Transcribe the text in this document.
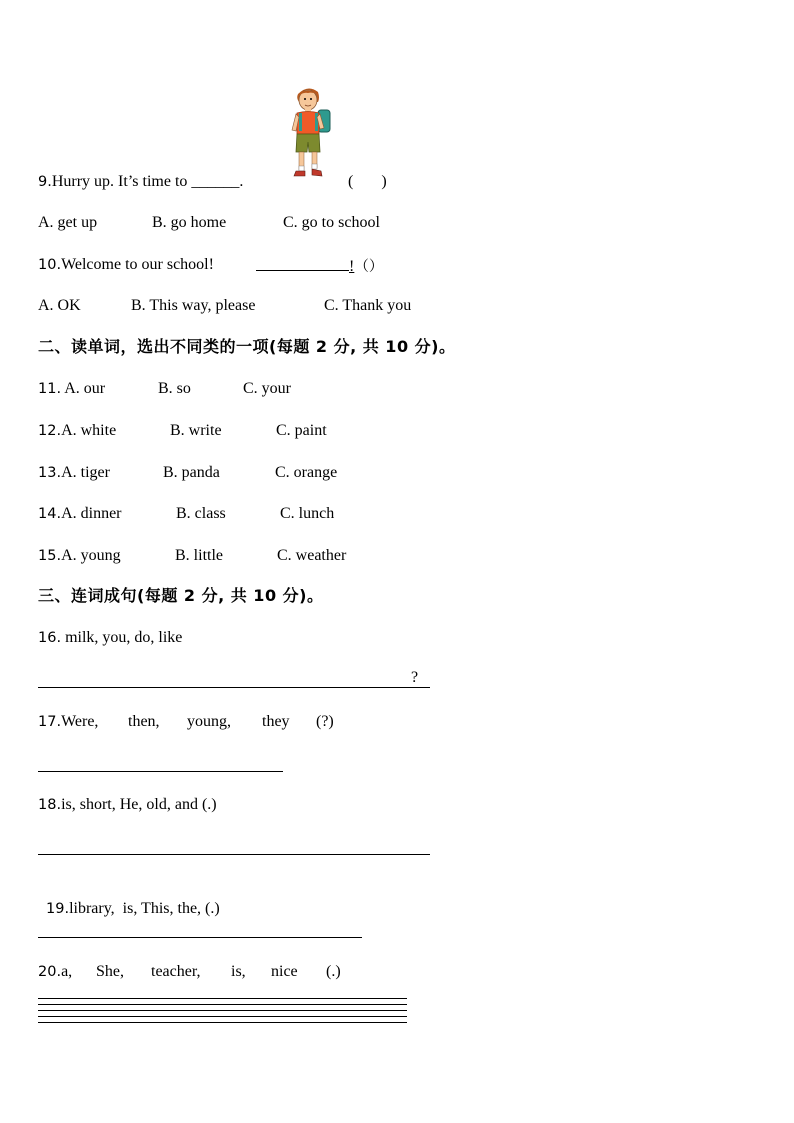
9.Hurry up. It’s time to ______.	(       )
A. get up	B. go home	C. go to school
10.Welcome to our school!	!（）
A. OK	B. This way, please	C. Thank you
二、读单词，选出不同类的一项(每题 2 分, 共 10 分)。
11. A. our	B. so	C. your
12.A. white	B. write	C. paint
13.A. tiger	B. panda	C. orange
14.A. dinner	B. class	C. lunch
15.A. young	B. little	C. weather
三、连词成句(每题 2 分, 共 10 分)。
16. milk, you, do, like
?
17.Were, then, young, they (?)
18.is, short, He, old, and (.)

19.library,  is, This, the, (.)

20.a, She, teacher, is, nice (.)
